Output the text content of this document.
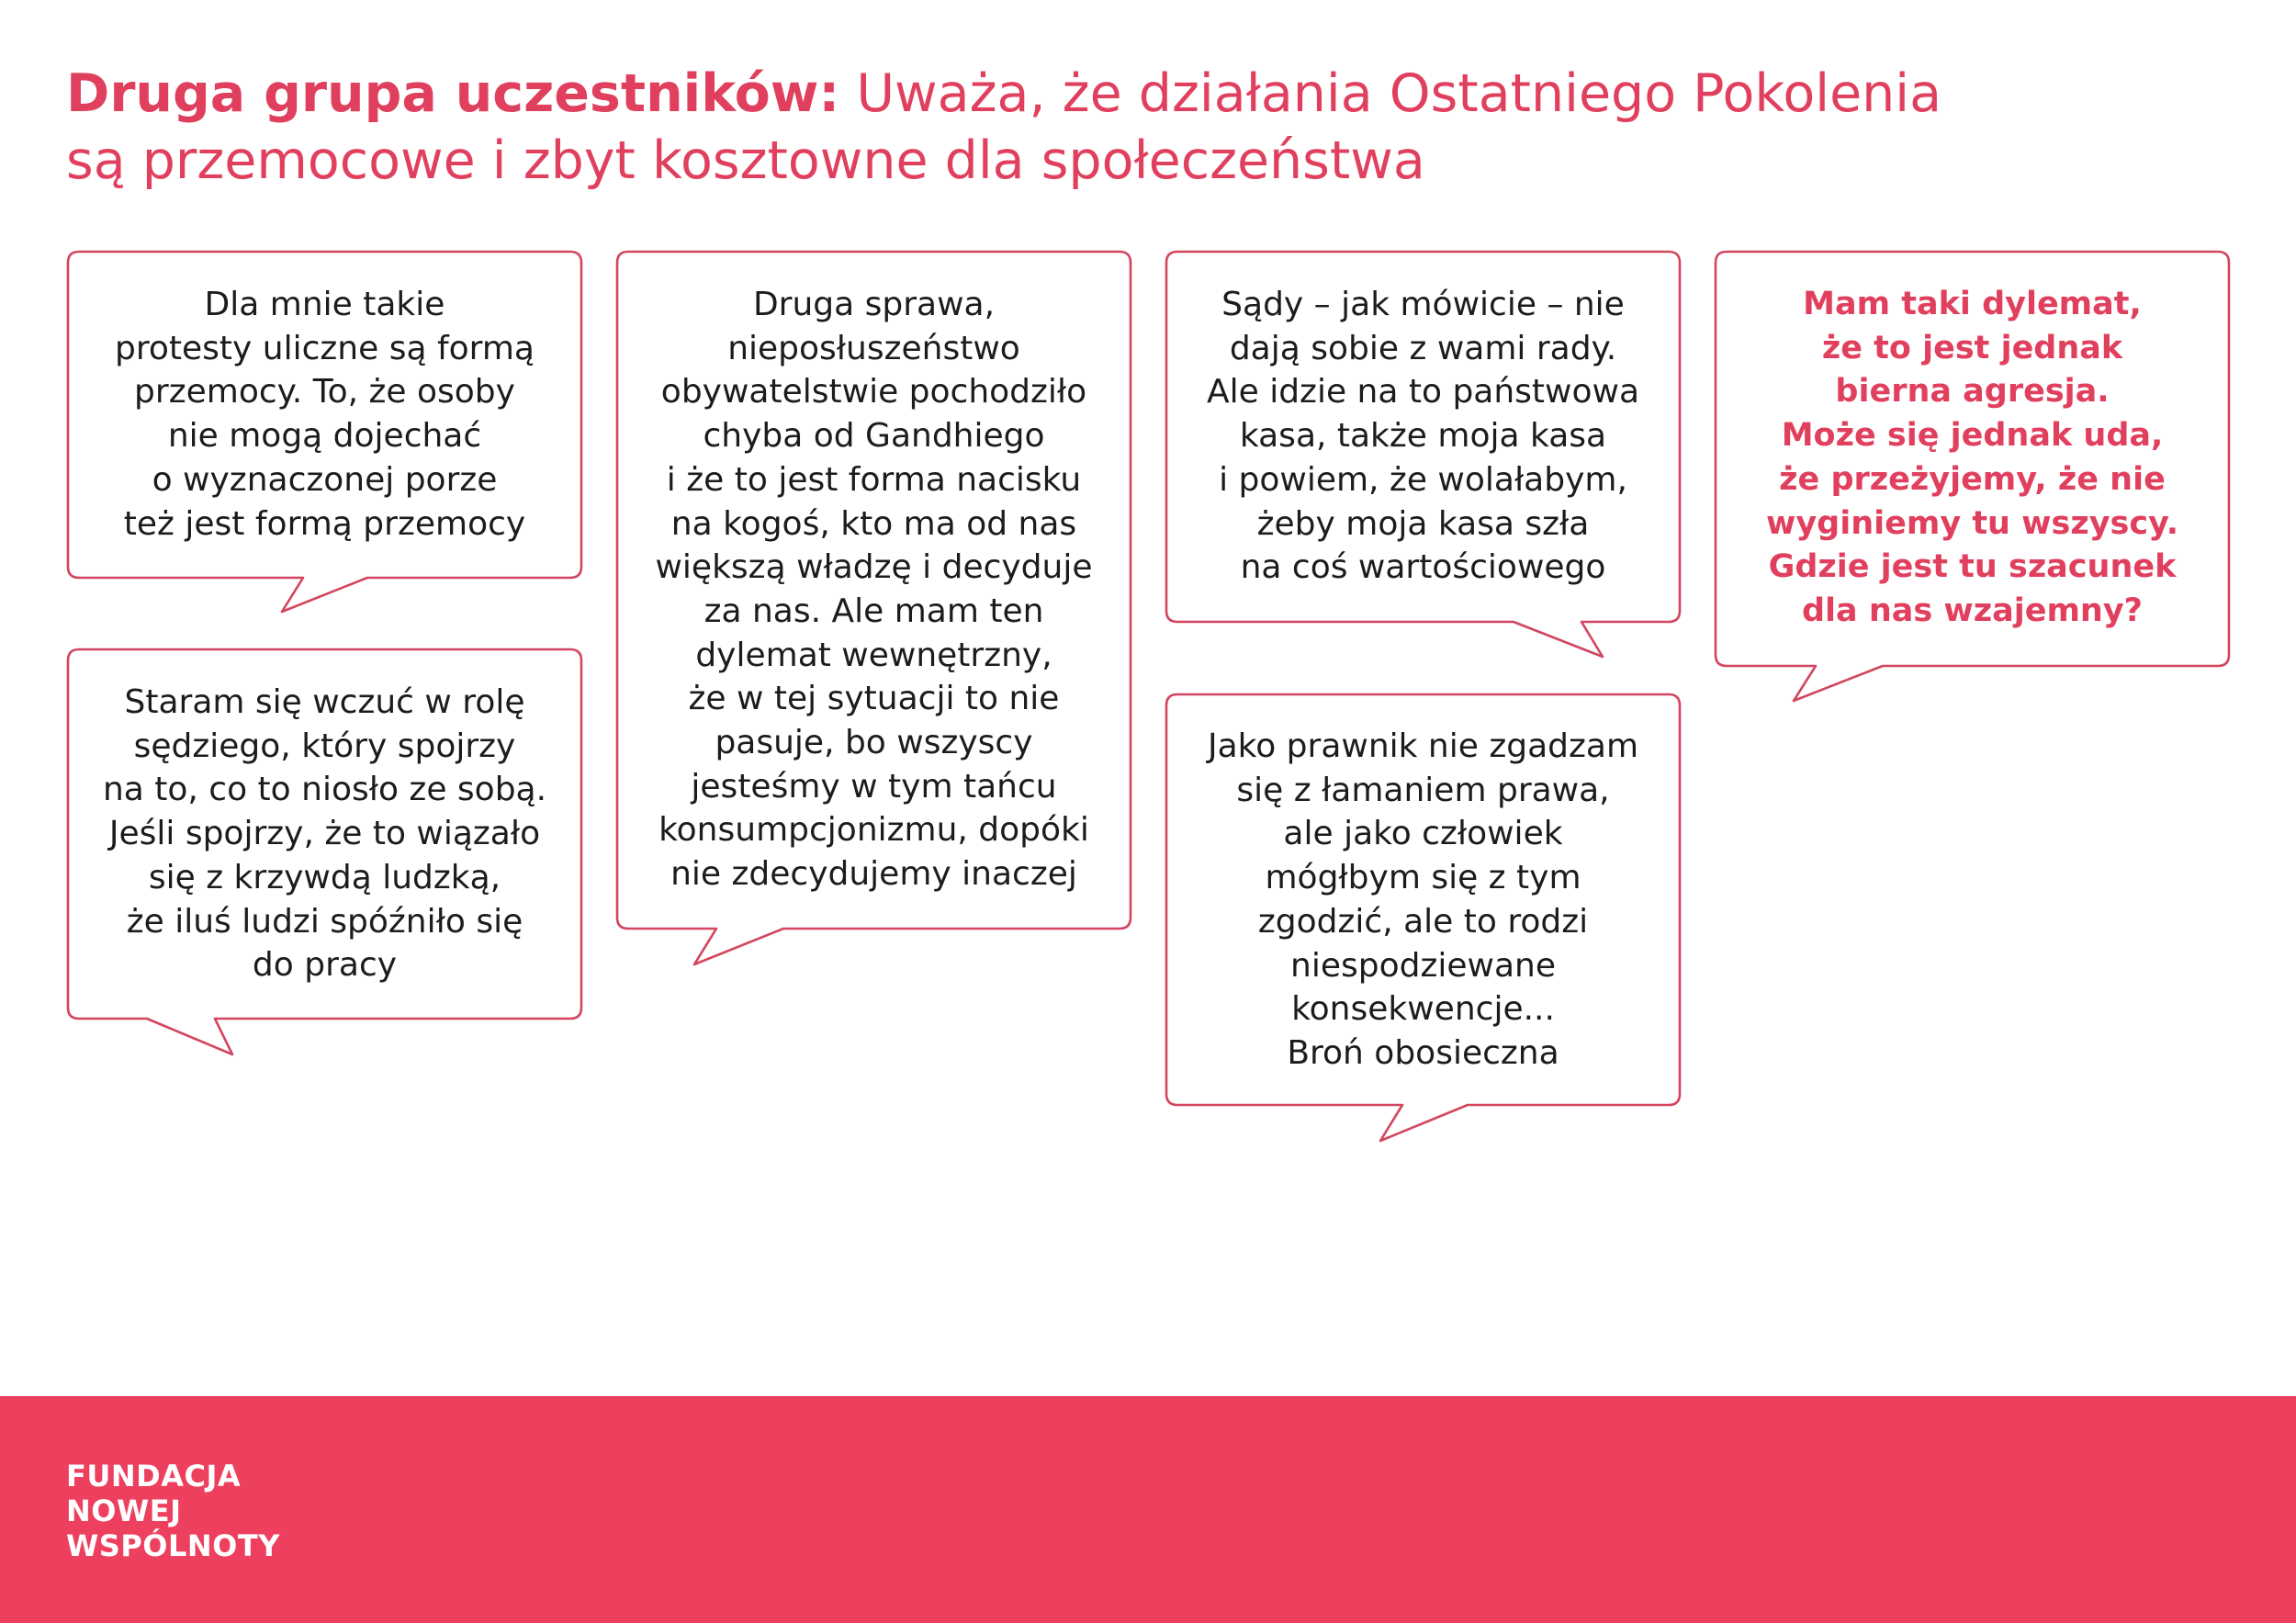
Druga grupa uczestników: Uważa, że działania Ostatniego Pokolenia
są przemocowe i zbyt kosztowne dla społeczeństwa
Dla mnie takie
protesty uliczne są formą
przemocy. To, że osoby
nie mogą dojechać
o wyznaczonej porze
też jest formą przemocy
Staram się wczuć w rolę
sędziego, który spojrzy
na to, co to niosło ze sobą.
Jeśli spojrzy, że to wiązało
się z krzywdą ludzką,
że iluś ludzi spóźniło się
do pracy
Druga sprawa,
nieposłuszeństwo
obywatelstwie pochodziło
chyba od Gandhiego
i że to jest forma nacisku
na kogoś, kto ma od nas
większą władzę i decyduje
za nas. Ale mam ten
dylemat wewnętrzny,
że w tej sytuacji to nie
pasuje, bo wszyscy
jesteśmy w tym tańcu
konsumpcjonizmu, dopóki
nie zdecydujemy inaczej
Sądy – jak mówicie – nie
dają sobie z wami rady.
Ale idzie na to państwowa
kasa, także moja kasa
i powiem, że wolałabym,
żeby moja kasa szła
na coś wartościowego
Jako prawnik nie zgadzam
się z łamaniem prawa,
ale jako człowiek
mógłbym się z tym
zgodzić, ale to rodzi
niespodziewane
konsekwencje...
Broń obosieczna
Mam taki dylemat,
że to jest jednak
bierna agresja.
Może się jednak uda,
że przeżyjemy, że nie
wyginiemy tu wszyscy.
Gdzie jest tu szacunek
dla nas wzajemny?
FUNDACJA
NOWEJ
WSPÓLNOTY
